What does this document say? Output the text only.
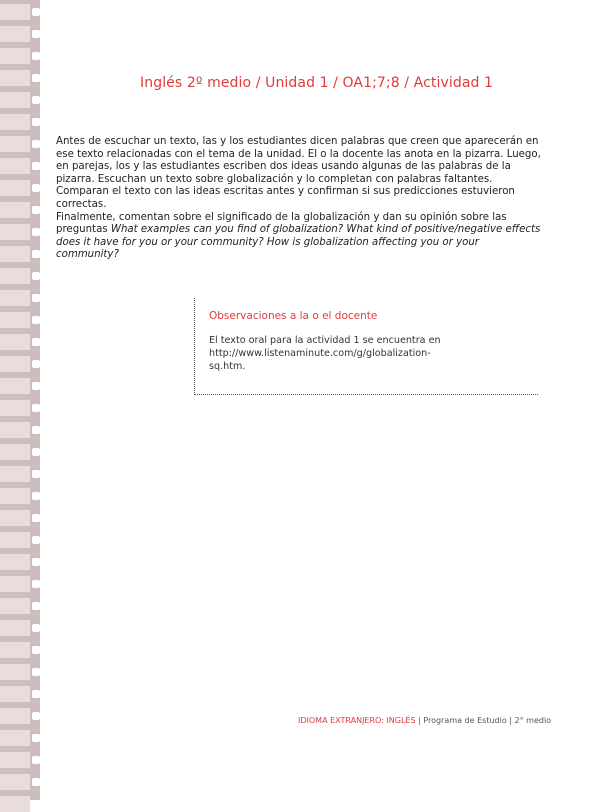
Inglés 2º medio / Unidad 1 / OA1;7;8 / Actividad 1

Antes de escuchar un texto, las y los estudiantes dicen palabras que creen que aparecerán en ese texto relacionadas con el tema de la unidad. El o la docente las anota en la pizarra. Luego, en parejas, los y las estudiantes escriben dos ideas usando algunas de las palabras de la pizarra. Escuchan un texto sobre globalización y lo completan con palabras faltantes. Comparan el texto con las ideas escritas antes y confirman si sus predicciones estuvieron correctas.

Finalmente, comentan sobre el significado de la globalización y dan su opinión sobre las preguntas What examples can you find of globalization? What kind of positive/negative effects does it have for you or your community? How is globalization affecting you or your community?

Observaciones a la o el docente
El texto oral para la actividad 1 se encuentra en
http://www.listenaminute.com/g/globalization-
sq.htm.
IDIOMA EXTRANJERO: INGLÉS | Programa de Estudio | 2° medio
